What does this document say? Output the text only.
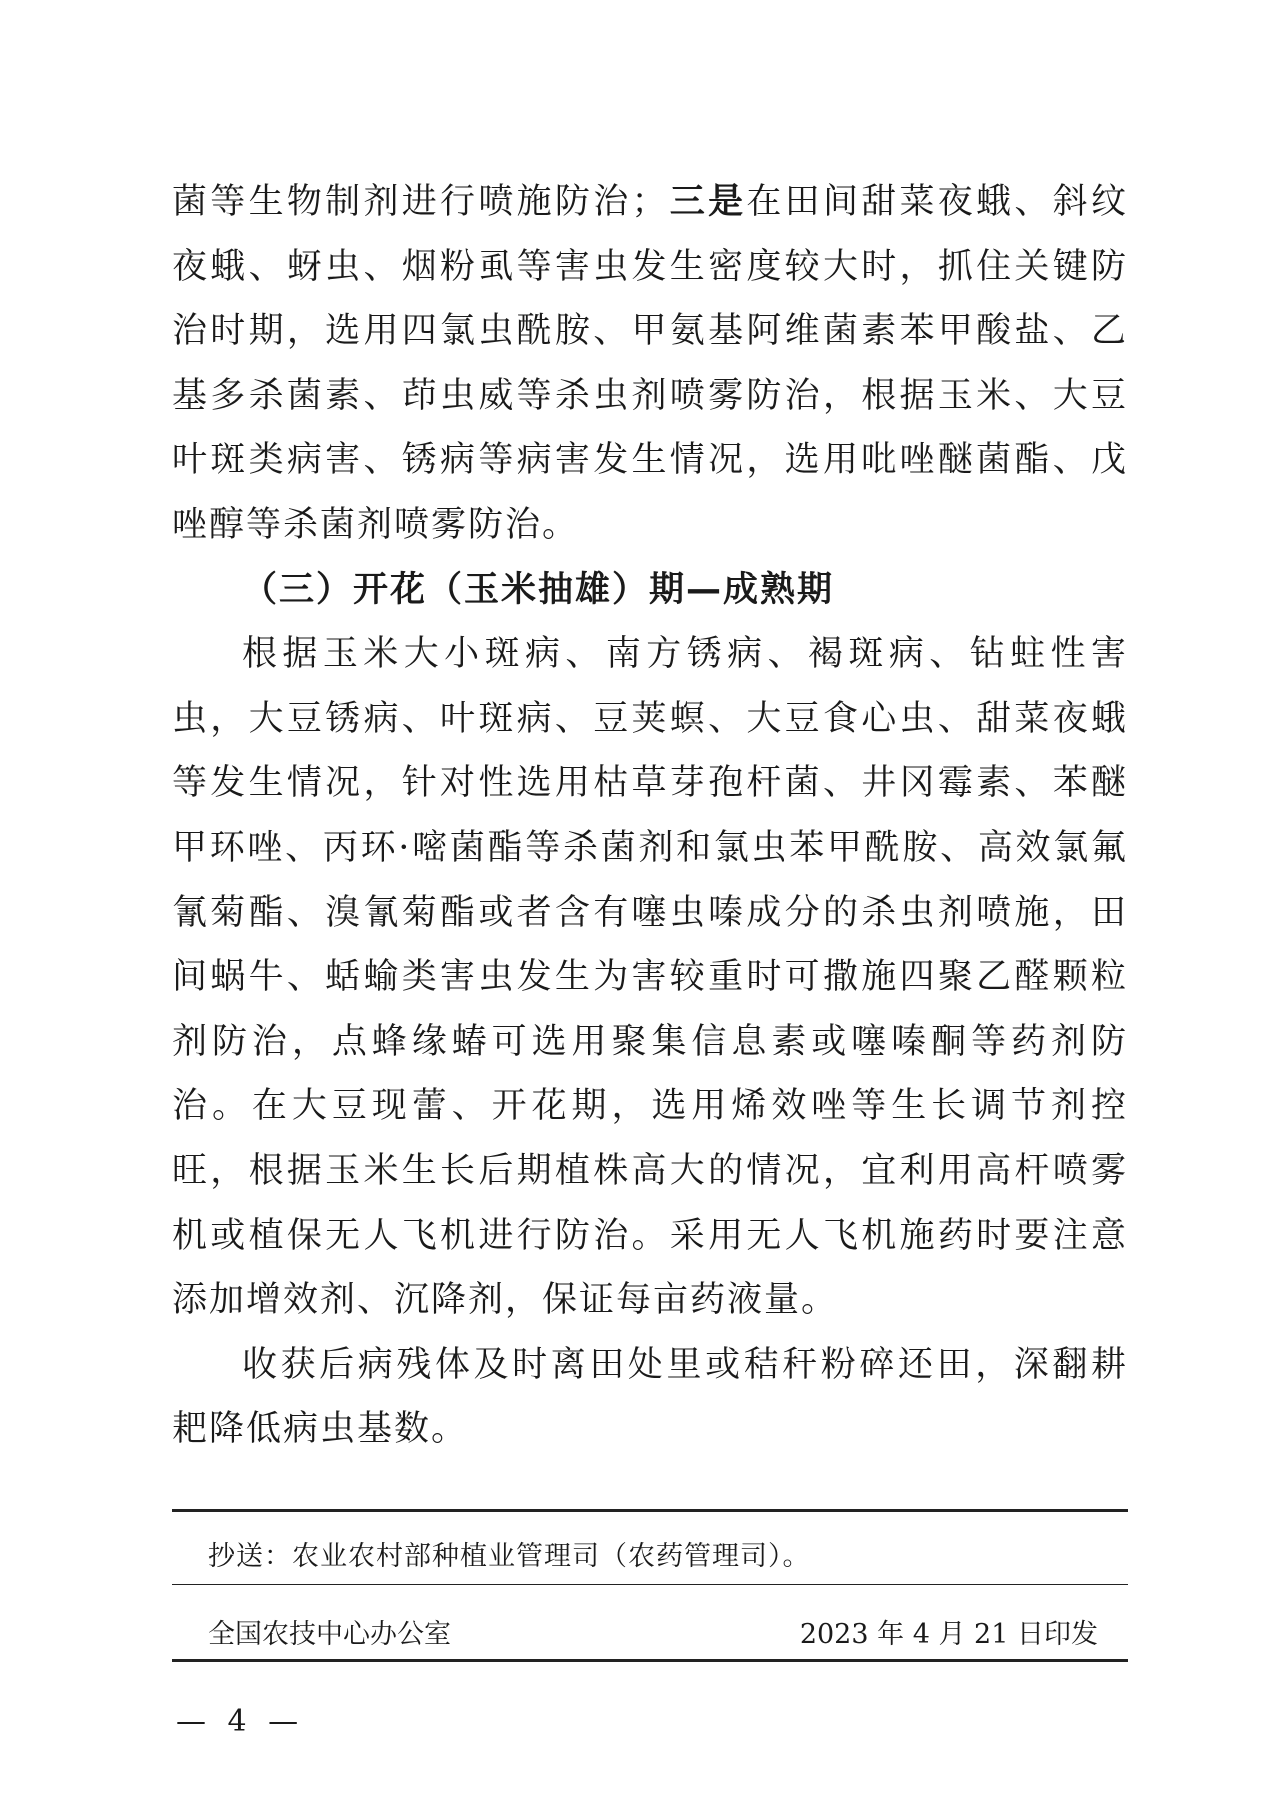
菌等生物制剂进行喷施防治；三是在田间甜菜夜蛾、斜纹夜蛾、蚜虫、烟粉虱等害虫发生密度较大时，抓住关键防治时期，选用四氯虫酰胺、甲氨基阿维菌素苯甲酸盐、乙基多杀菌素、茚虫威等杀虫剂喷雾防治，根据玉米、大豆叶斑类病害、锈病等病害发生情况，选用吡唑醚菌酯、戊唑醇等杀菌剂喷雾防治。

（三）开花（玉米抽雄）期—成熟期

根据玉米大小斑病、南方锈病、褐斑病、钻蛀性害虫，大豆锈病、叶斑病、豆荚螟、大豆食心虫、甜菜夜蛾等发生情况，针对性选用枯草芽孢杆菌、井冈霉素、苯醚甲环唑、丙环·嘧菌酯等杀菌剂和氯虫苯甲酰胺、高效氯氟氰菊酯、溴氰菊酯或者含有噻虫嗪成分的杀虫剂喷施，田间蜗牛、蛞蝓类害虫发生为害较重时可撒施四聚乙醛颗粒剂防治，点蜂缘蝽可选用聚集信息素或噻嗪酮等药剂防治。在大豆现蕾、开花期，选用烯效唑等生长调节剂控旺，根据玉米生长后期植株高大的情况，宜利用高杆喷雾机或植保无人飞机进行防治。采用无人飞机施药时要注意添加增效剂、沉降剂，保证每亩药液量。

收获后病残体及时离田处里或秸秆粉碎还田，深翻耕耙降低病虫基数。

抄送：农业农村部种植业管理司（农药管理司）。
全国农技中心办公室	2023 年 4 月 21 日印发
— 4 —
